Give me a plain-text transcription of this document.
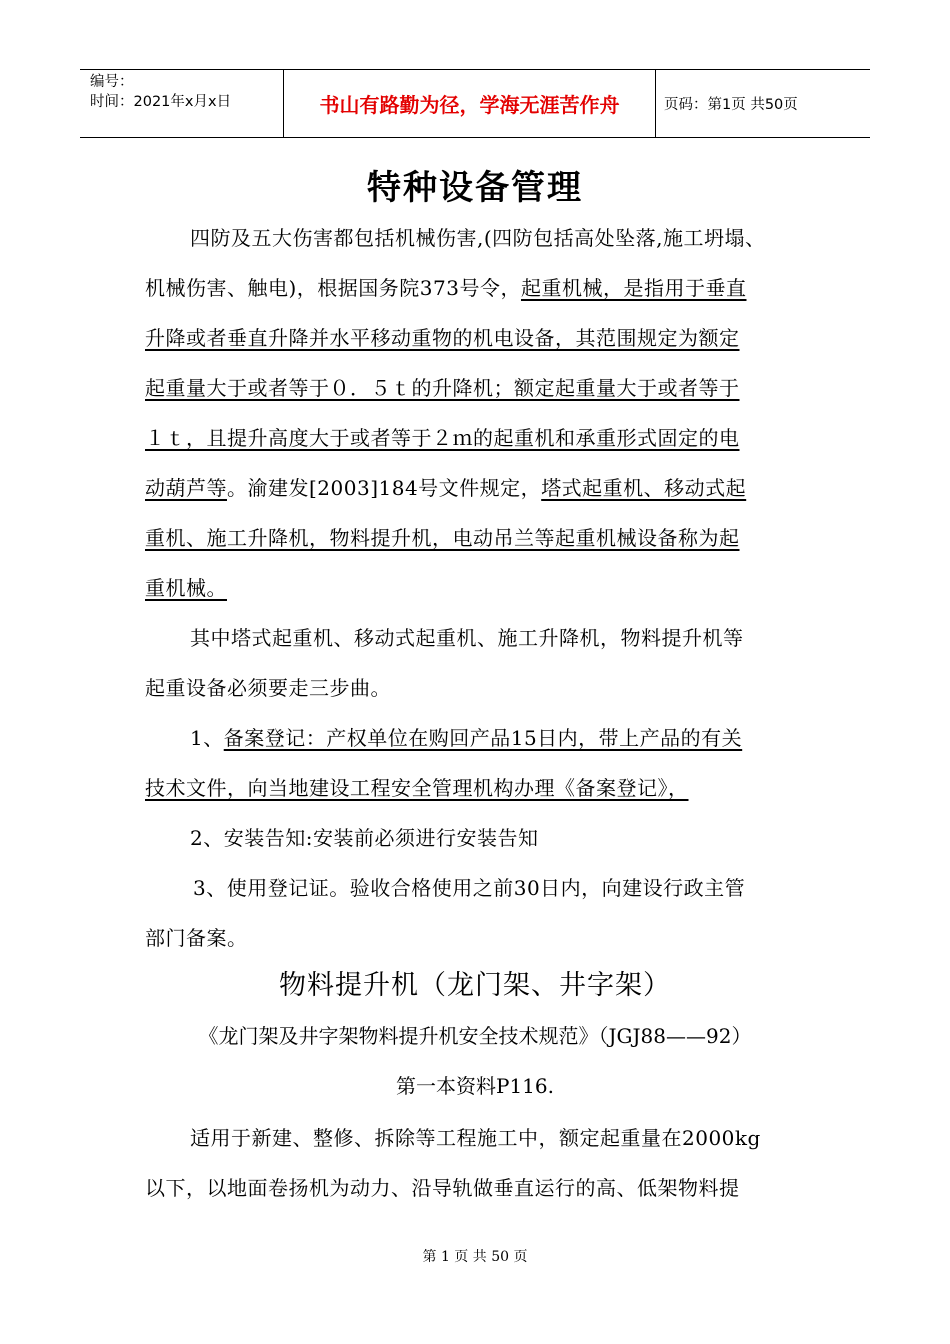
编号：
时间：2021年x月x日	书山有路勤为径，学海无涯苦作舟	页码：第1页 共50页
特种设备管理
四防及五大伤害都包括机械伤害,(四防包括高处坠落,施工坍塌、
机械伤害、触电)，根据国务院373号令，起重机械，是指用于垂直
升降或者垂直升降并水平移动重物的机电设备，其范围规定为额定
起重量大于或者等于０．５ｔ的升降机；额定起重量大于或者等于
１ｔ，且提升高度大于或者等于２ｍ的起重机和承重形式固定的电
动葫芦等。渝建发[2003]184号文件规定，塔式起重机、移动式起
重机、施工升降机，物料提升机，电动吊兰等起重机械设备称为起
重机械。
其中塔式起重机、移动式起重机、施工升降机，物料提升机等
起重设备必须要走三步曲。
1、备案登记：产权单位在购回产品15日内，带上产品的有关
技术文件，向当地建设工程安全管理机构办理《备案登记》，
2、安装告知:安装前必须进行安装告知
3、使用登记证。验收合格使用之前30日内，向建设行政主管
部门备案。
物料提升机（龙门架、井字架）
《龙门架及井字架物料提升机安全技术规范》（JGJ88——92）
第一本资料P116.
适用于新建、整修、拆除等工程施工中，额定起重量在2000kg
以下，以地面卷扬机为动力、沿导轨做垂直运行的高、低架物料提
第 1 页 共 50 页
